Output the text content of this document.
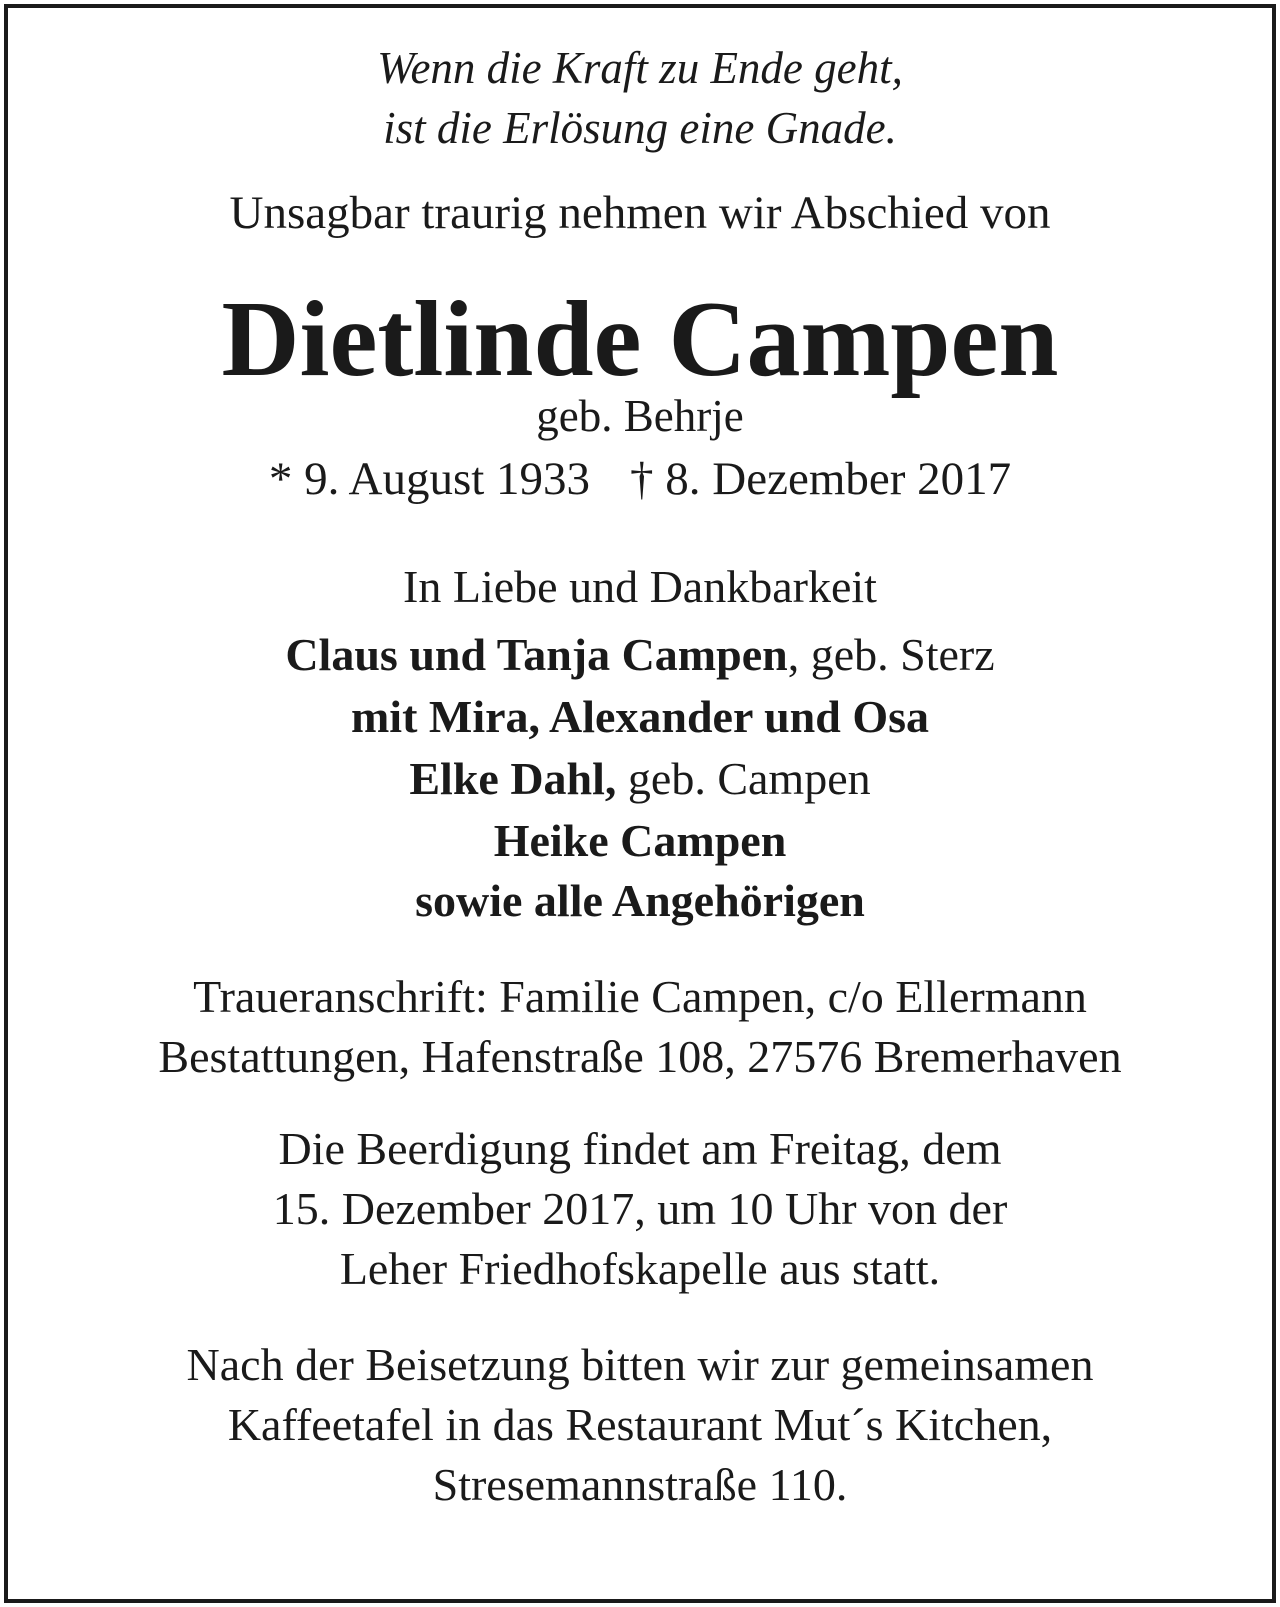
Wenn die Kraft zu Ende geht,
ist die Erlösung eine Gnade.
Unsagbar traurig nehmen wir Abschied von
Dietlinde Campen
geb. Behrje
* 9. August 1933 † 8. Dezember 2017
In Liebe und Dankbarkeit
Claus und Tanja Campen, geb. Sterz
mit Mira, Alexander und Osa
Elke Dahl, geb. Campen
Heike Campen
sowie alle Angehörigen
Traueranschrift: Familie Campen, c/o Ellermann
Bestattungen, Hafenstraße 108, 27576 Bremerhaven
Die Beerdigung findet am Freitag, dem
15. Dezember 2017, um 10 Uhr von der
Leher Friedhofskapelle aus statt.
Nach der Beisetzung bitten wir zur gemeinsamen
Kaffeetafel in das Restaurant Mut´s Kitchen,
Stresemannstraße 110.
